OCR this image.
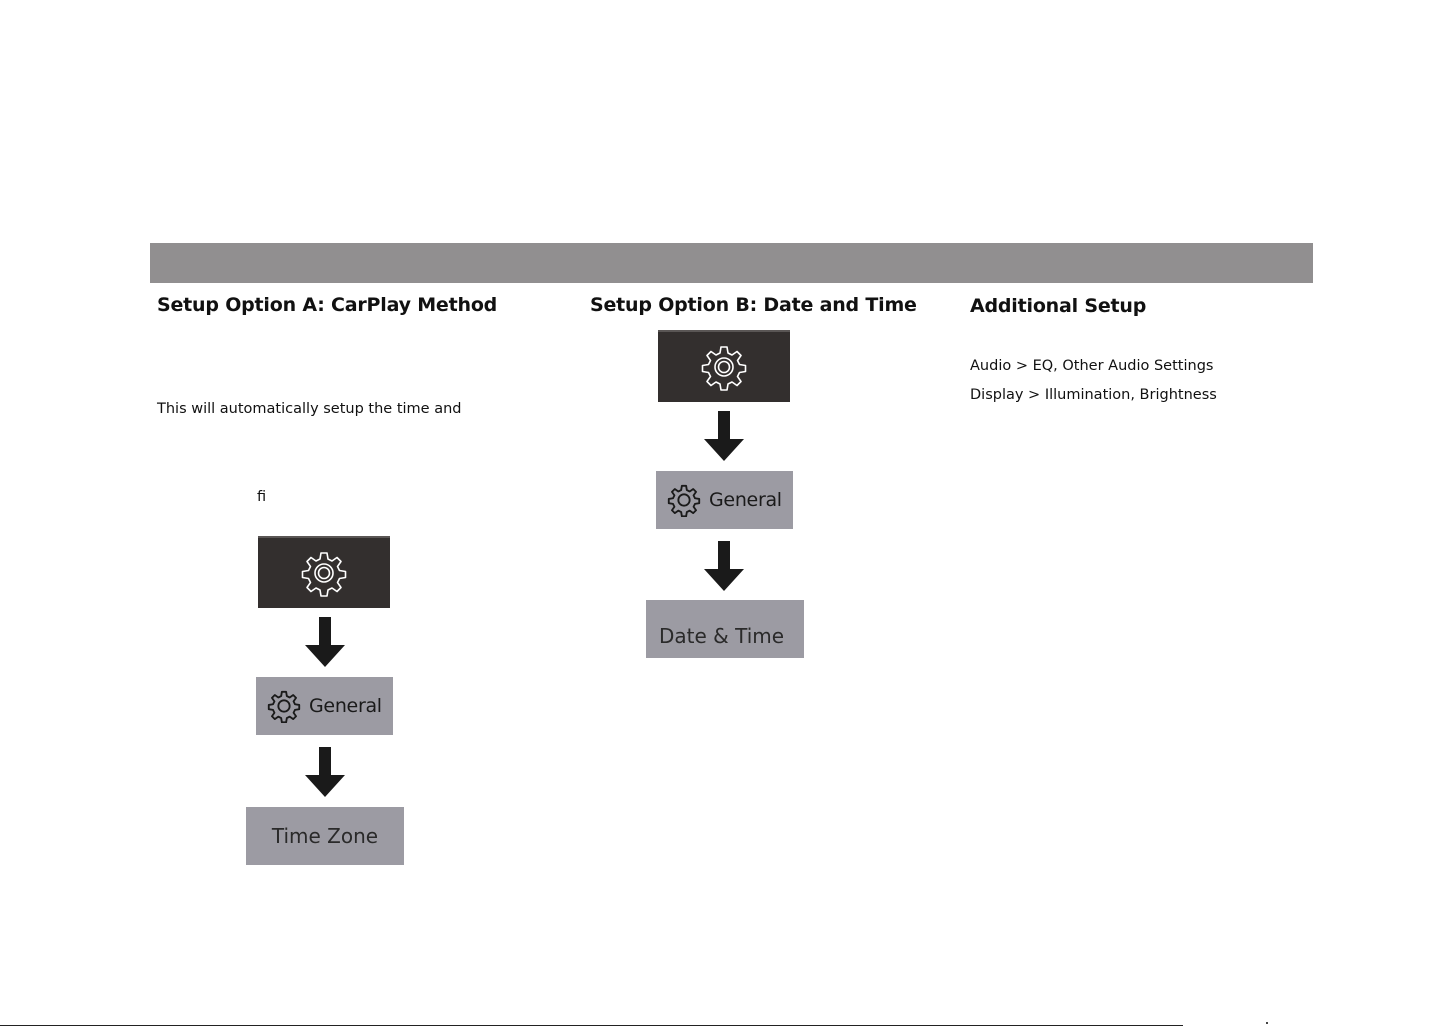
Setup Option A: CarPlay Method
This will automatically setup the time and
fi
General
Time Zone
Setup Option B: Date and Time
General
Date & Time
Additional Setup
Audio > EQ, Other Audio Settings
Display > Illumination, Brightness
